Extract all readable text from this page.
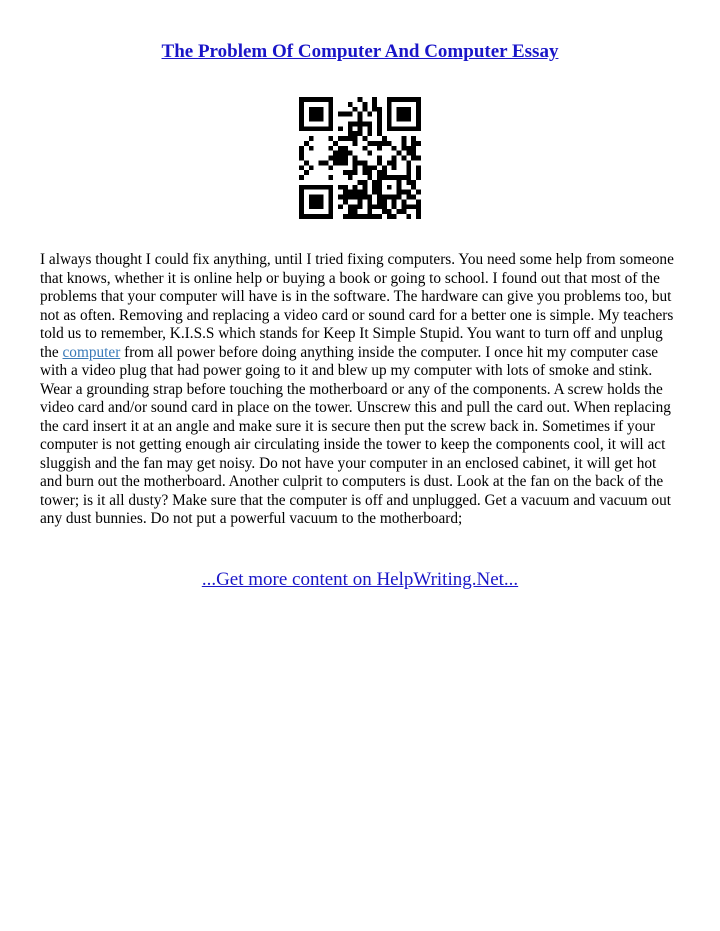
The Problem Of Computer And Computer Essay

I always thought I could fix anything, until I tried fixing computers. You need some help from someone that knows, whether it is online help or buying a book or going to school. I found out that most of the problems that your computer will have is in the software. The hardware can give you problems too, but not as often. Removing and replacing a video card or sound card for a better one is simple. My teachers told us to remember, K.I.S.S which stands for Keep It Simple Stupid. You want to turn off and unplug the computer from all power before doing anything inside the computer. I once hit my computer case with a video plug that had power going to it and blew up my computer with lots of smoke and stink. Wear a grounding strap before touching the motherboard or any of the components. A screw holds the video card and/or sound card in place on the tower. Unscrew this and pull the card out. When replacing the card insert it at an angle and make sure it is secure then put the screw back in. Sometimes if your computer is not getting enough air circulating inside the tower to keep the components cool, it will act sluggish and the fan may get noisy. Do not have your computer in an enclosed cabinet, it will get hot and burn out the motherboard. Another culprit to computers is dust. Look at the fan on the back of the tower; is it all dusty? Make sure that the computer is off and unplugged. Get a vacuum and vacuum out any dust bunnies. Do not put a powerful vacuum to the motherboard;

...Get more content on HelpWriting.Net...
